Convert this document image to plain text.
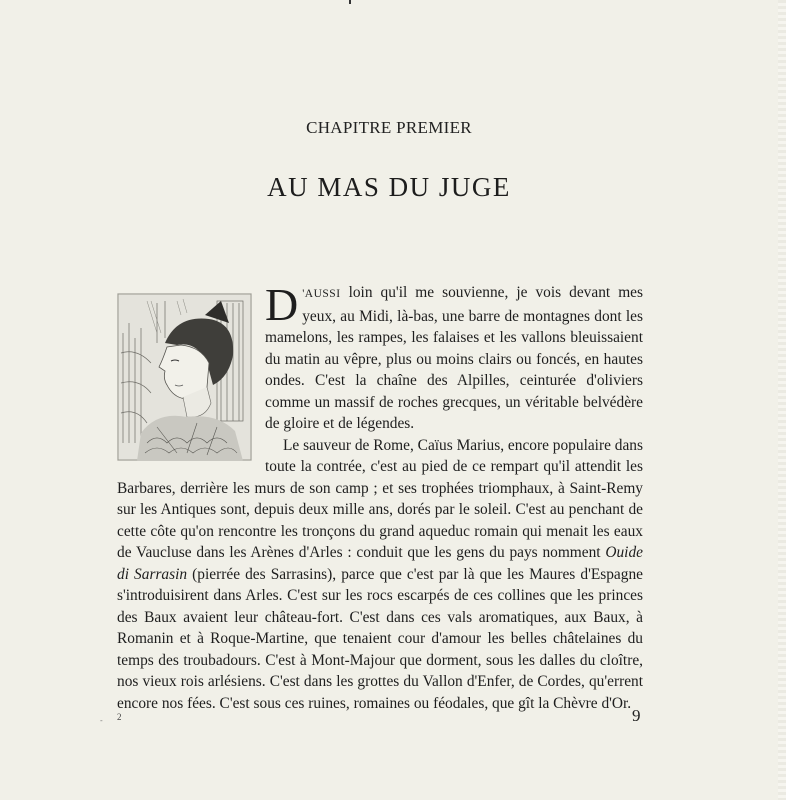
CHAPITRE PREMIER
AU MAS DU JUGE

D 'AUSSI loin qu'il me souvienne, je vois devant mes yeux, au Midi, là-bas, une barre de montagnes dont les mamelons, les rampes, les falaises et les vallons bleuissaient du matin au vêpre, plus ou moins clairs ou foncés, en hautes ondes. C'est la chaîne des Alpilles, ceinturée d'oliviers comme un massif de roches grecques, un véritable belvédère de gloire et de légendes.

Le sauveur de Rome, Caïus Marius, encore populaire dans toute la contrée, c'est au pied de ce rempart qu'il attendit les Barbares, derrière les murs de son camp ; et ses trophées triomphaux, à Saint-Remy sur les Antiques sont, depuis deux mille ans, dorés par le soleil. C'est au penchant de cette côte qu'on rencontre les tronçons du grand aqueduc romain qui menait les eaux de Vaucluse dans les Arènes d'Arles : conduit que les gens du pays nomment Ouide di Sarrasin (pierrée des Sarrasins), parce que c'est par là que les Maures d'Espagne s'introduisirent dans Arles. C'est sur les rocs escarpés de ces collines que les princes des Baux avaient leur château-fort. C'est dans ces vals aromatiques, aux Baux, à Romanin et à Roque-Martine, que tenaient cour d'amour les belles châtelaines du temps des troubadours. C'est à Mont-Majour que dorment, sous les dalles du cloître, nos vieux rois arlésiens. C'est dans les grottes du Vallon d'Enfer, de Cordes, qu'errent encore nos fées. C'est sous ces ruines, romaines ou féodales, que gît la Chèvre d'Or.

- 2	9
